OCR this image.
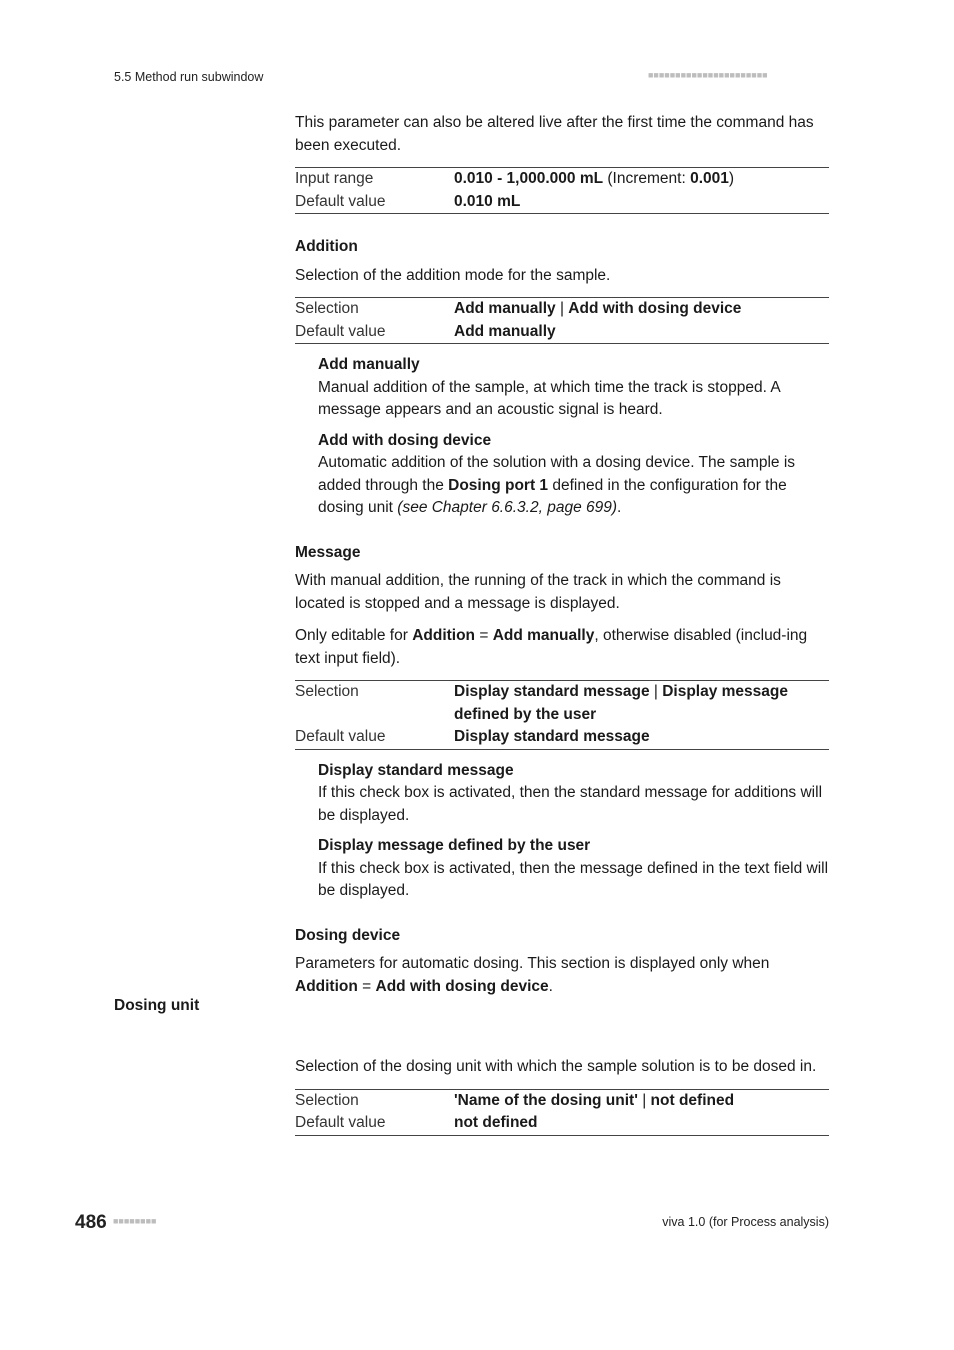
5.5 Method run subwindow	■■■■■■■■■■■■■■■■■■■■■■

This parameter can also be altered live after the first time the command has been executed.

Input range	0.010 - 1,000.000 mL (Increment: 0.001)
Default value	0.010 mL
Addition

Selection of the addition mode for the sample.

Selection	Add manually | Add with dosing device
Default value	Add manually
Add manually
Manual addition of the sample, at which time the track is stopped. A message appears and an acoustic signal is heard.
Add with dosing device
Automatic addition of the solution with a dosing device. The sample is added through the Dosing port 1 defined in the configuration for the dosing unit (see Chapter 6.6.3.2, page 699).
Message

With manual addition, the running of the track in which the command is located is stopped and a message is displayed.

Only editable for Addition = Add manually, otherwise disabled (includ-ing text input field).

Selection	Display standard message | Display message defined by the user
Default value	Display standard message
Display standard message
If this check box is activated, then the standard message for additions will be displayed.
Display message defined by the user
If this check box is activated, then the message defined in the text field will be displayed.
Dosing device

Parameters for automatic dosing. This section is displayed only when Addition = Add with dosing device.

Selection of the dosing unit with which the sample solution is to be dosed in.

Selection	'Name of the dosing unit' | not defined
Default value	not defined
Dosing unit
486 ■■■■■■■■	viva 1.0 (for Process analysis)
